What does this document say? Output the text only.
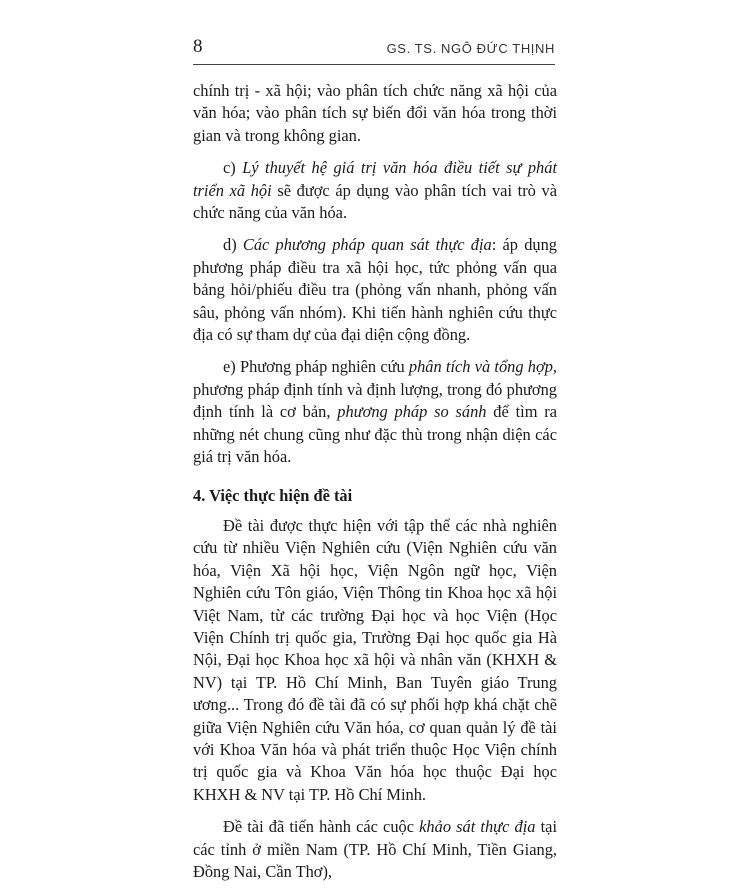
8	GS. TS. NGÔ ĐỨC THỊNH

chính trị - xã hội; vào phân tích chức năng xã hội của văn hóa; vào phân tích sự biến đổi văn hóa trong thời gian và trong không gian.

c) Lý thuyết hệ giá trị văn hóa điều tiết sự phát triển xã hội sẽ được áp dụng vào phân tích vai trò và chức năng của văn hóa.

d) Các phương pháp quan sát thực địa: áp dụng phương pháp điều tra xã hội học, tức phỏng vấn qua bảng hỏi/phiếu điều tra (phỏng vấn nhanh, phỏng vấn sâu, phỏng vấn nhóm). Khi tiến hành nghiên cứu thực địa có sự tham dự của đại diện cộng đồng.

e) Phương pháp nghiên cứu phân tích và tổng hợp, phương pháp định tính và định lượng, trong đó phương định tính là cơ bản, phương pháp so sánh để tìm ra những nét chung cũng như đặc thù trong nhận diện các giá trị văn hóa.

4. Việc thực hiện đề tài

Đề tài được thực hiện với tập thể các nhà nghiên cứu từ nhiều Viện Nghiên cứu (Viện Nghiên cứu văn hóa, Viện Xã hội học, Viện Ngôn ngữ học, Viện Nghiên cứu Tôn giáo, Viện Thông tin Khoa học xã hội Việt Nam, từ các trường Đại học và học Viện (Học Viện Chính trị quốc gia, Trường Đại học quốc gia Hà Nội, Đại học Khoa học xã hội và nhân văn (KHXH & NV) tại TP. Hồ Chí Minh, Ban Tuyên giáo Trung ương... Trong đó đề tài đã có sự phối hợp khá chặt chẽ giữa Viện Nghiên cứu Văn hóa, cơ quan quản lý đề tài với Khoa Văn hóa và phát triển thuộc Học Viện chính trị quốc gia và Khoa Văn hóa học thuộc Đại học KHXH & NV tại TP. Hồ Chí Minh.

Đề tài đã tiến hành các cuộc khảo sát thực địa tại các tỉnh ở miền Nam (TP. Hồ Chí Minh, Tiền Giang, Đồng Nai, Cần Thơ),
